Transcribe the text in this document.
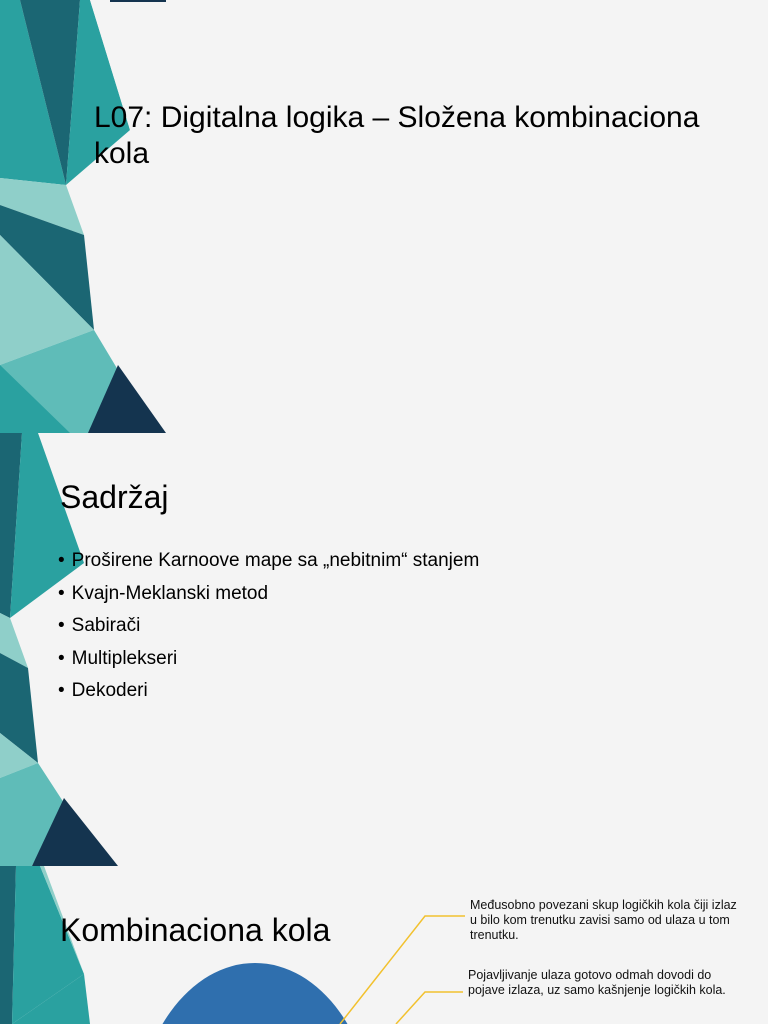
L07: Digitalna logika – Složena kombinaciona kola
Sadržaj
• Proširene Karnoove mape sa „nebitnim“ stanjem
• Kvajn-Meklanski metod
• Sabirači
• Multiplekseri
• Dekoderi
Kombinaciona kola
Međusobno povezani skup logičkih kola čiji izlaz u bilo kom trenutku zavisi samo od ulaza u tom trenutku.
Pojavljivanje ulaza gotovo odmah dovodi do pojave izlaza, uz samo kašnjenje logičkih kola.
